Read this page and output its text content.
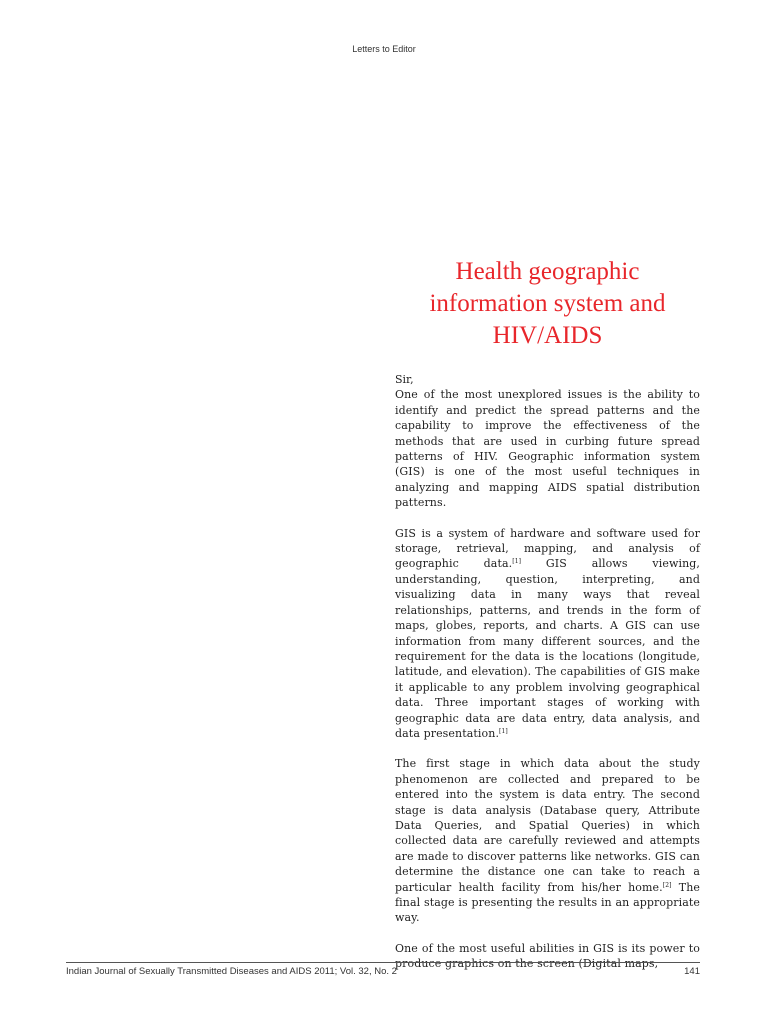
Letters to Editor
Health geographic information system and HIV/AIDS

Sir,

One of the most unexplored issues is the ability to identify and predict the spread patterns and the capability to improve the effectiveness of the methods that are used in curbing future spread patterns of HIV. Geographic information system (GIS) is one of the most useful techniques in analyzing and mapping AIDS spatial distribution patterns.

GIS is a system of hardware and software used for storage, retrieval, mapping, and analysis of geographic data.[1] GIS allows viewing, understanding, question, interpreting, and visualizing data in many ways that reveal relationships, patterns, and trends in the form of maps, globes, reports, and charts. A GIS can use information from many different sources, and the requirement for the data is the locations (longitude, latitude, and elevation). The capabilities of GIS make it applicable to any problem involving geographical data. Three important stages of working with geographic data are data entry, data analysis, and data presentation.[1]

The first stage in which data about the study phenomenon are collected and prepared to be entered into the system is data entry. The second stage is data analysis (Database query, Attribute Data Queries, and Spatial Queries) in which collected data are carefully reviewed and attempts are made to discover patterns like networks. GIS can determine the distance one can take to reach a particular health facility from his/her home.[2] The final stage is presenting the results in an appropriate way.

One of the most useful abilities in GIS is its power to produce graphics on the screen (Digital maps,

Indian Journal of Sexually Transmitted Diseases and AIDS 2011; Vol. 32, No. 2	141
